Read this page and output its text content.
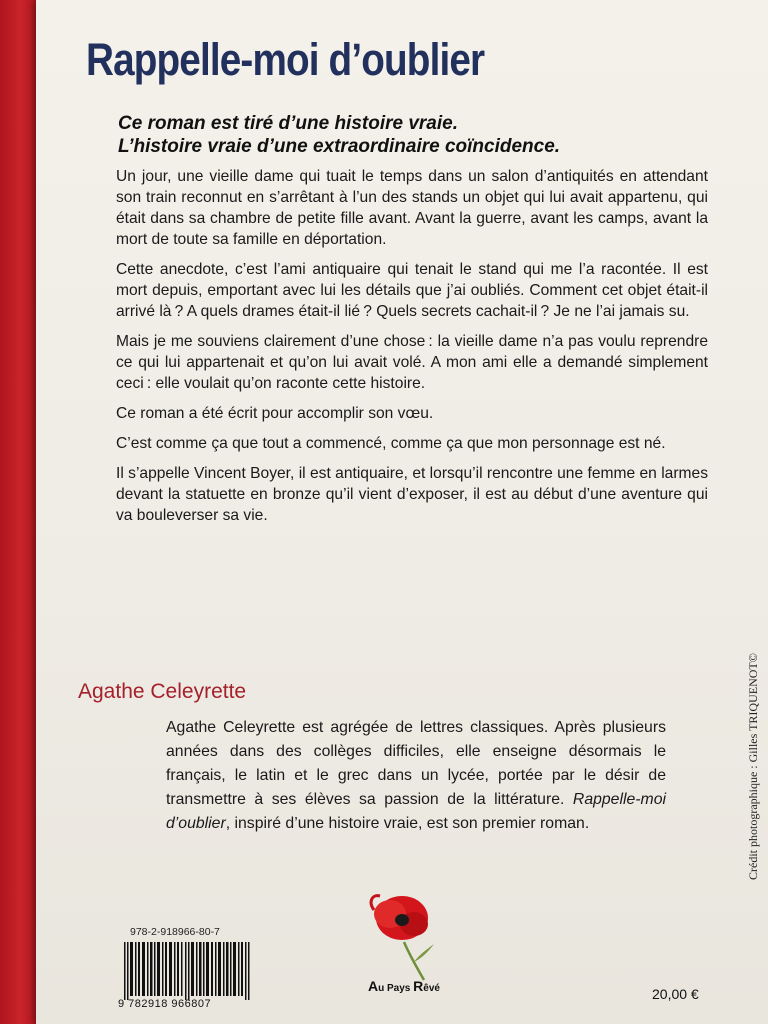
Rappelle-moi d’oublier
Ce roman est tiré d’une histoire vraie.
L’histoire vraie d’une extraordinaire coïncidence.

Un jour, une vieille dame qui tuait le temps dans un salon d’antiquités en attendant son train reconnut en s’arrêtant à l’un des stands un objet qui lui avait appartenu, qui était dans sa chambre de petite fille avant. Avant la guerre, avant les camps, avant la mort de toute sa famille en déportation.

Cette anecdote, c’est l’ami antiquaire qui tenait le stand qui me l’a racontée. Il est mort depuis, emportant avec lui les détails que j’ai oubliés. Comment cet objet était-il arrivé là ? A quels drames était-il lié ? Quels secrets cachait-il ? Je ne l’ai jamais su.

Mais je me souviens clairement d’une chose : la vieille dame n’a pas voulu reprendre ce qui lui appartenait et qu’on lui avait volé. A mon ami elle a demandé simplement ceci : elle voulait qu’on raconte cette histoire.

Ce roman a été écrit pour accomplir son vœu.

C’est comme ça que tout a commencé, comme ça que mon personnage est né.

Il s’appelle Vincent Boyer, il est antiquaire, et lorsqu’il rencontre une femme en larmes devant la statuette en bronze qu’il vient d’exposer, il est au début d’une aventure qui va bouleverser sa vie.

Agathe Celeyrette
Agathe Celeyrette est agrégée de lettres classiques. Après plusieurs années dans des collèges difficiles, elle enseigne désormais le français, le latin et le grec dans un lycée, portée par le désir de transmettre à ses élèves sa passion de la littérature. Rappelle-moi d’oublier, inspiré d’une histoire vraie, est son premier roman.	Crédit photographique : Gilles TRIQUENOT©
978-2-918966-80-7
9 782918 966807
Au Pays Rêvé	20,00 €
